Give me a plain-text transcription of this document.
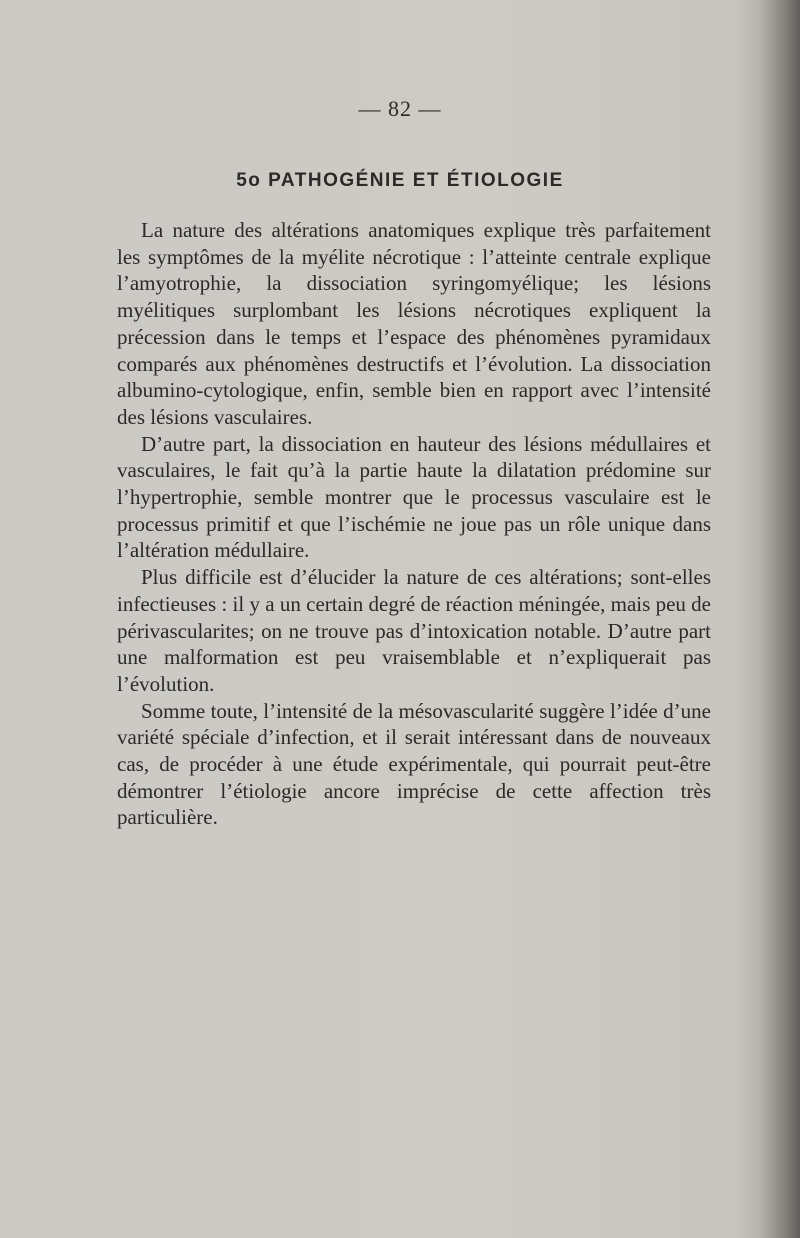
— 82 —
5o PATHOGÉNIE ET ÉTIOLOGIE

La nature des altérations anatomiques explique très parfaitement les symptômes de la myélite nécrotique : l’atteinte centrale explique l’amyotrophie, la dissociation syringomyélique; les lésions myélitiques surplombant les lésions nécrotiques expliquent la précession dans le temps et l’espace des phénomènes pyramidaux comparés aux phénomènes destructifs et l’évolution. La dissociation albumino-cytologique, enfin, semble bien en rapport avec l’intensité des lésions vasculaires.

D’autre part, la dissociation en hauteur des lésions médullaires et vasculaires, le fait qu’à la partie haute la dilatation prédomine sur l’hypertrophie, semble montrer que le processus vasculaire est le processus primitif et que l’ischémie ne joue pas un rôle unique dans l’altération médullaire.

Plus difficile est d’élucider la nature de ces altérations; sont-elles infectieuses : il y a un certain degré de réaction méningée, mais peu de périvascularites; on ne trouve pas d’intoxication notable. D’autre part une malformation est peu vraisemblable et n’expliquerait pas l’évolution.

Somme toute, l’intensité de la mésovascularité suggère l’idée d’une variété spéciale d’infection, et il serait intéressant dans de nouveaux cas, de procéder à une étude expérimentale, qui pourrait peut-être démontrer l’étiologie ancore imprécise de cette affection très particulière.
